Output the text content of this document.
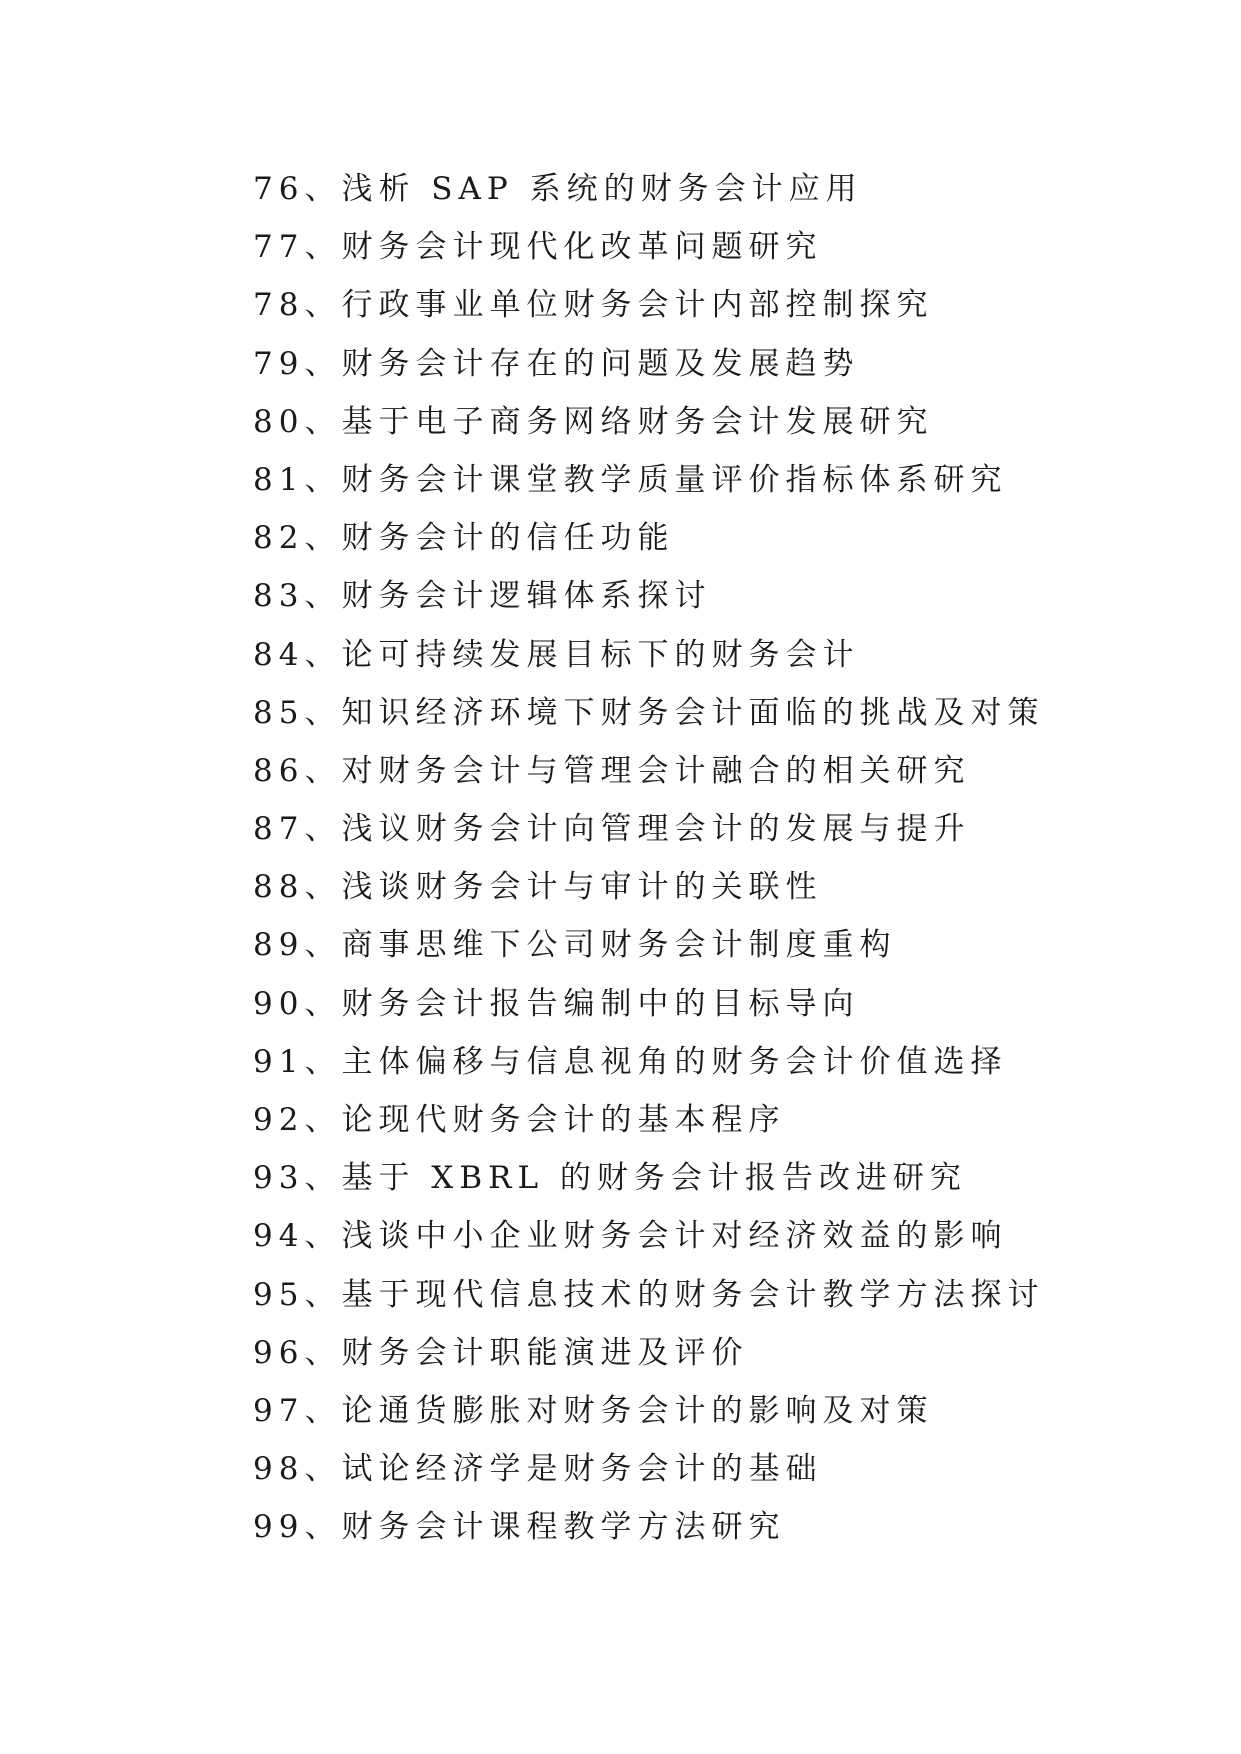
76、浅析 SAP 系统的财务会计应用
77、财务会计现代化改革问题研究
78、行政事业单位财务会计内部控制探究
79、财务会计存在的问题及发展趋势
80、基于电子商务网络财务会计发展研究
81、财务会计课堂教学质量评价指标体系研究
82、财务会计的信任功能
83、财务会计逻辑体系探讨
84、论可持续发展目标下的财务会计
85、知识经济环境下财务会计面临的挑战及对策
86、对财务会计与管理会计融合的相关研究
87、浅议财务会计向管理会计的发展与提升
88、浅谈财务会计与审计的关联性
89、商事思维下公司财务会计制度重构
90、财务会计报告编制中的目标导向
91、主体偏移与信息视角的财务会计价值选择
92、论现代财务会计的基本程序
93、基于 XBRL 的财务会计报告改进研究
94、浅谈中小企业财务会计对经济效益的影响
95、基于现代信息技术的财务会计教学方法探讨
96、财务会计职能演进及评价
97、论通货膨胀对财务会计的影响及对策
98、试论经济学是财务会计的基础
99、财务会计课程教学方法研究
